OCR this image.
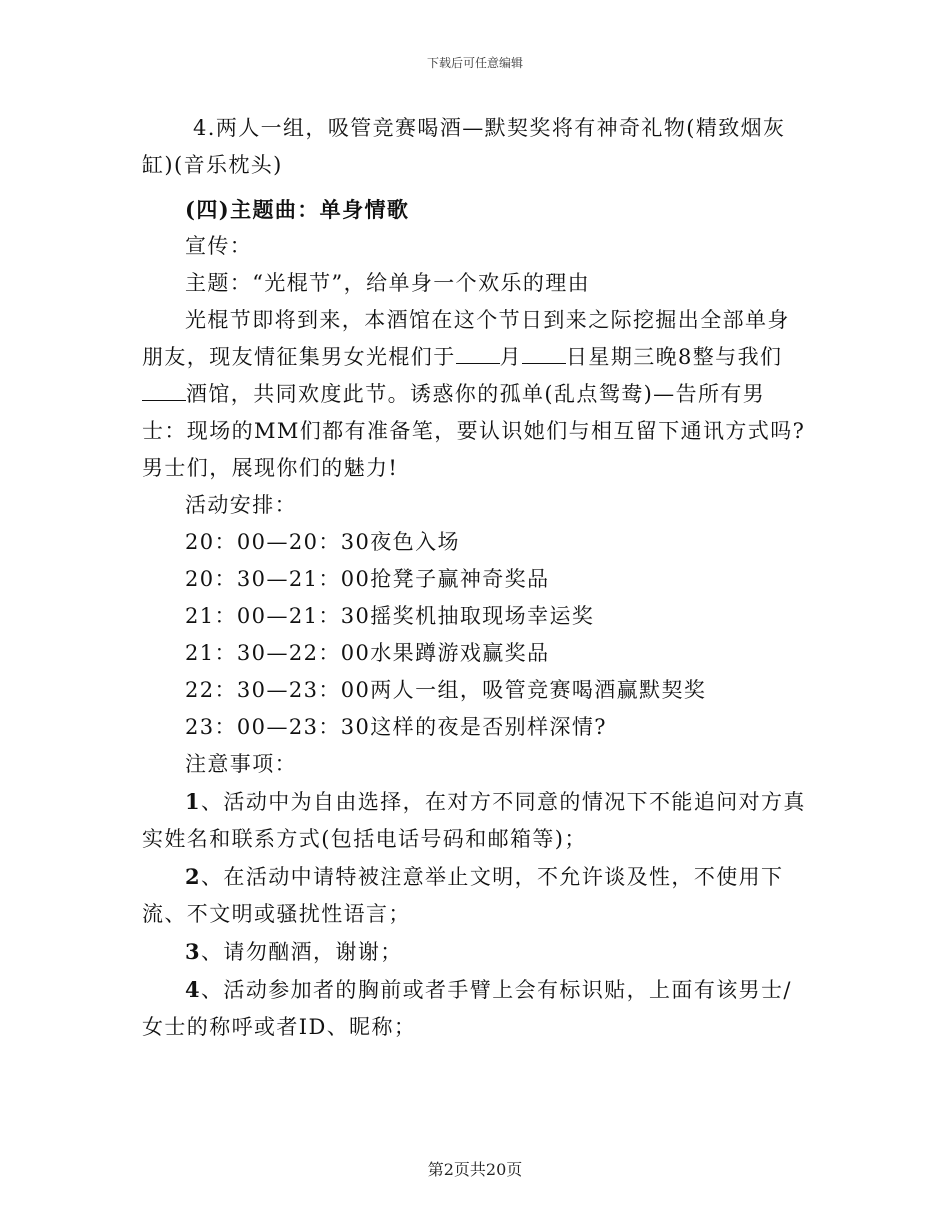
下载后可任意编辑

4.两人一组，吸管竞赛喝酒—默契奖将有神奇礼物(精致烟灰缸)(音乐枕头)

(四)主题曲：单身情歌

宣传：

主题：“光棍节”，给单身一个欢乐的理由

光棍节即将到来，本酒馆在这个节日到来之际挖掘出全部单身朋友，现友情征集男女光棍们于 月 日星期三晚8整与我们酒馆，共同欢度此节。诱惑你的孤单(乱点鸳鸯)—告所有男士：现场的MM们都有准备笔，要认识她们与相互留下通讯方式吗?男士们，展现你们的魅力!

活动安排：

20：00—20：30夜色入场

20：30—21：00抢凳子赢神奇奖品

21：00—21：30摇奖机抽取现场幸运奖

21：30—22：00水果蹲游戏赢奖品

22：30—23：00两人一组，吸管竞赛喝酒赢默契奖

23：00—23：30这样的夜是否别样深情?

注意事项：

1、活动中为自由选择，在对方不同意的情况下不能追问对方真实姓名和联系方式(包括电话号码和邮箱等)；

2、在活动中请特被注意举止文明，不允许谈及性，不使用下流、不文明或骚扰性语言；

3、请勿酗酒，谢谢；

4、活动参加者的胸前或者手臂上会有标识贴，上面有该男士/女士的称呼或者ID、昵称；

第2页共20页
